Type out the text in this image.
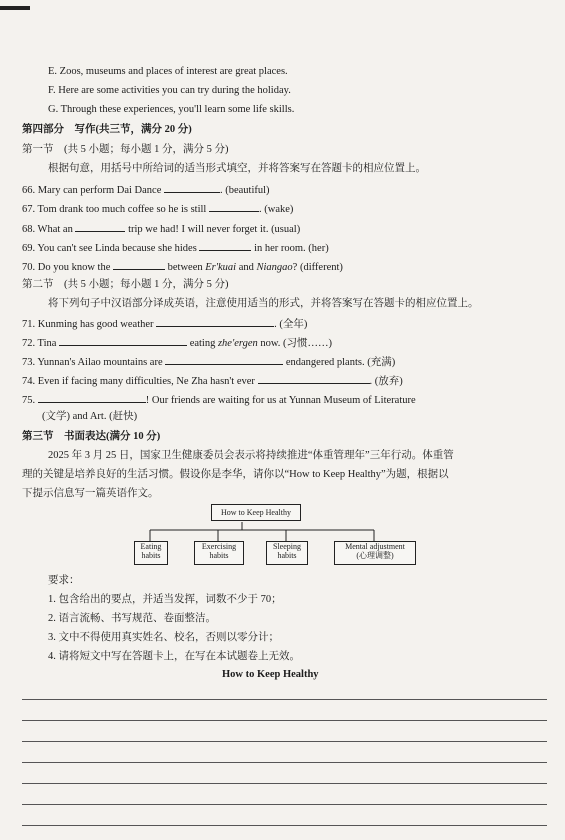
E. Zoos, museums and places of interest are great places.
F. Here are some activities you can try during the holiday.
G. Through these experiences, you'll learn some life skills.
第四部分　写作(共三节，满分 20 分)
第一节　(共 5 小题；每小题 1 分，满分 5 分)
根据句意，用括号中所给词的适当形式填空，并将答案写在答题卡的相应位置上。
66. Mary can perform Dai Dance	. (beautiful)
67. Tom drank too much coffee so he is still	. (wake)
68. What an	trip we had! I will never forget it. (usual)
69. You can't see Linda because she hides	in her room. (her)
70. Do you know the	between Er'kuai and Niangao? (different)
第二节　(共 5 小题；每小题 1 分，满分 5 分)
将下列句子中汉语部分译成英语，注意使用适当的形式，并将答案写在答题卡的相应位置上。
71. Kunming has good weather	. (全年)
72. Tina	eating zhe'ergen now. (习惯……)
73. Yunnan's Ailao mountains are	endangered plants. (充满)
74. Even if facing many difficulties, Ne Zha hasn't ever	. (放弃)
75.	! Our friends are waiting for us at Yunnan Museum of Literature
(文学) and Art. (赶快)
第三节　书面表达(满分 10 分)
2025 年 3 月 25 日，国家卫生健康委员会表示将持续推进“体重管理年”三年行动。体重管
理的关键是培养良好的生活习惯。假设你是李华，请你以“How to Keep Healthy”为题，根据以
下提示信息写一篇英语作文。
How to Keep Healthy
Eating
habits
Exercising
habits
Sleeping
habits
Mental adjustment
(心理调整)
要求：
1. 包含给出的要点，并适当发挥，词数不少于 70；
2. 语言流畅、书写规范、卷面整洁。
3. 文中不得使用真实姓名、校名，否则以零分计；
4. 请将短文中写在答题卡上，在写在本试题卷上无效。
How to Keep Healthy
